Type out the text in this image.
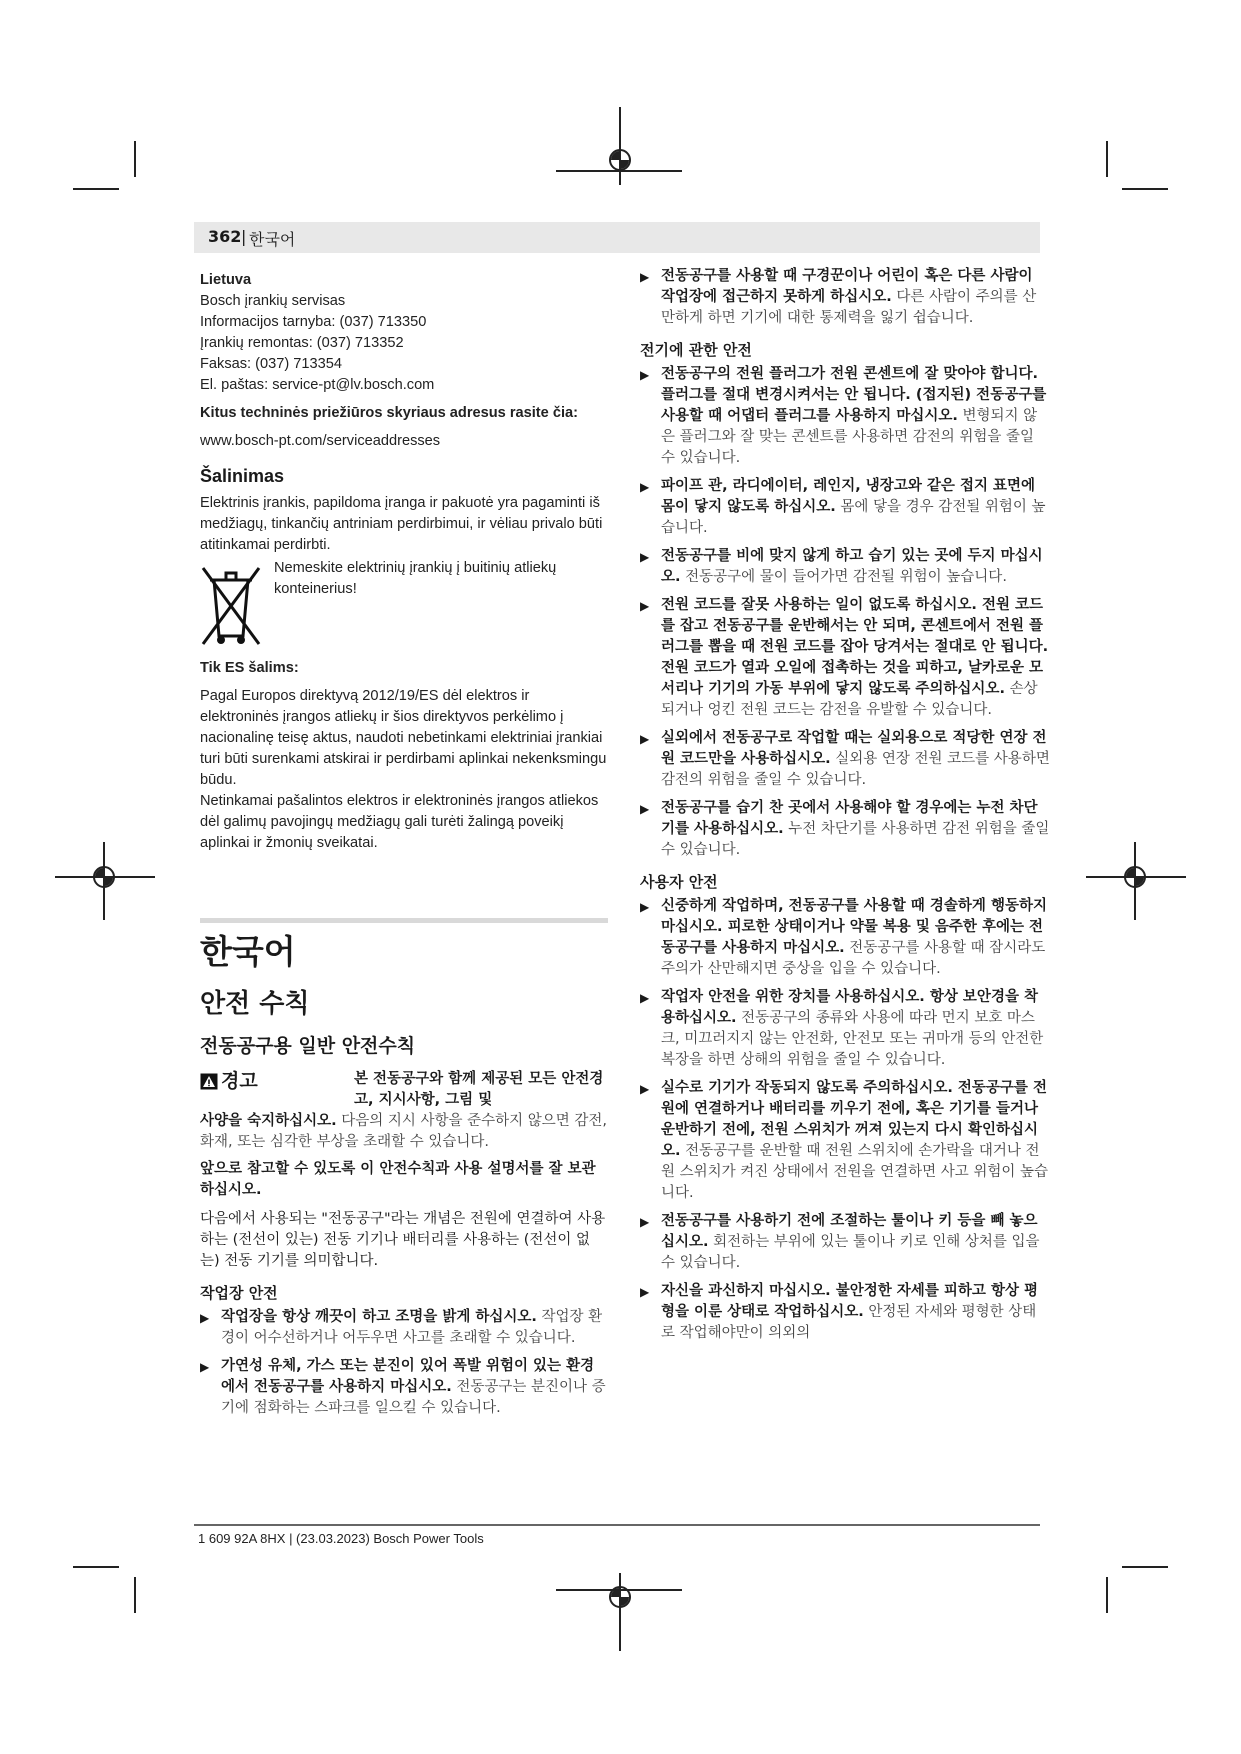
362 | 한국어
Lietuva
Bosch įrankių servisas
Informacijos tarnyba: (037) 713350
Įrankių remontas: (037) 713352
Faksas: (037) 713354
El. paštas: service-pt@lv.bosch.com
Kitus techninės priežiūros skyriaus adresus rasite čia:
www.bosch-pt.com/serviceaddresses
Šalinimas
Elektrinis įrankis, papildoma įranga ir pakuotė yra pagaminti iš medžiagų, tinkančių antriniam perdirbimui, ir vėliau privalo būti atitinkamai perdirbti.
Nemeskite elektrinių įrankių į buitinių atliekų konteinerius!
Tik ES šalims:
Pagal Europos direktyvą 2012/19/ES dėl elektros ir elektroninės įrangos atliekų ir šios direktyvos perkėlimo į nacionalinę teisę aktus, naudoti nebetinkami elektriniai įrankiai turi būti surenkami atskirai ir perdirbami aplinkai nekenksmingu būdu.
Netinkamai pašalintos elektros ir elektroninės įrangos atliekos dėl galimų pavojingų medžiagų gali turėti žalingą poveikį aplinkai ir žmonių sveikatai.
한국어
안전 수칙
전동공구용 일반 안전수칙
경고	본 전동공구와 함께 제공된 모든 안전경고, 지시사항, 그림 및
사양을 숙지하십시오. 다음의 지시 사항을 준수하지 않으면 감전, 화재, 또는 심각한 부상을 초래할 수 있습니다.
앞으로 참고할 수 있도록 이 안전수칙과 사용 설명서를 잘 보관하십시오.
다음에서 사용되는 "전동공구"라는 개념은 전원에 연결하여 사용하는 (전선이 있는) 전동 기기나 배터리를 사용하는 (전선이 없는) 전동 기기를 의미합니다.
작업장 안전
▶ 작업장을 항상 깨끗이 하고 조명을 밝게 하십시오. 작업장 환경이 어수선하거나 어두우면 사고를 초래할 수 있습니다.
▶ 가연성 유체, 가스 또는 분진이 있어 폭발 위험이 있는 환경에서 전동공구를 사용하지 마십시오. 전동공구는 분진이나 증기에 점화하는 스파크를 일으킬 수 있습니다.
▶ 전동공구를 사용할 때 구경꾼이나 어린이 혹은 다른 사람이 작업장에 접근하지 못하게 하십시오. 다른 사람이 주의를 산만하게 하면 기기에 대한 통제력을 잃기 쉽습니다.
전기에 관한 안전
▶ 전동공구의 전원 플러그가 전원 콘센트에 잘 맞아야 합니다. 플러그를 절대 변경시켜서는 안 됩니다. (접지된) 전동공구를 사용할 때 어댑터 플러그를 사용하지 마십시오. 변형되지 않은 플러그와 잘 맞는 콘센트를 사용하면 감전의 위험을 줄일 수 있습니다.
▶ 파이프 관, 라디에이터, 레인지, 냉장고와 같은 접지 표면에 몸이 닿지 않도록 하십시오. 몸에 닿을 경우 감전될 위험이 높습니다.
▶ 전동공구를 비에 맞지 않게 하고 습기 있는 곳에 두지 마십시오. 전동공구에 물이 들어가면 감전될 위험이 높습니다.
▶ 전원 코드를 잘못 사용하는 일이 없도록 하십시오. 전원 코드를 잡고 전동공구를 운반해서는 안 되며, 콘센트에서 전원 플러그를 뽑을 때 전원 코드를 잡아 당겨서는 절대로 안 됩니다. 전원 코드가 열과 오일에 접촉하는 것을 피하고, 날카로운 모서리나 기기의 가동 부위에 닿지 않도록 주의하십시오. 손상되거나 엉킨 전원 코드는 감전을 유발할 수 있습니다.
▶ 실외에서 전동공구로 작업할 때는 실외용으로 적당한 연장 전원 코드만을 사용하십시오. 실외용 연장 전원 코드를 사용하면 감전의 위험을 줄일 수 있습니다.
▶ 전동공구를 습기 찬 곳에서 사용해야 할 경우에는 누전 차단기를 사용하십시오. 누전 차단기를 사용하면 감전 위험을 줄일 수 있습니다.
사용자 안전
▶ 신중하게 작업하며, 전동공구를 사용할 때 경솔하게 행동하지 마십시오. 피로한 상태이거나 약물 복용 및 음주한 후에는 전동공구를 사용하지 마십시오. 전동공구를 사용할 때 잠시라도 주의가 산만해지면 중상을 입을 수 있습니다.
▶ 작업자 안전을 위한 장치를 사용하십시오. 항상 보안경을 착용하십시오. 전동공구의 종류와 사용에 따라 먼지 보호 마스크, 미끄러지지 않는 안전화, 안전모 또는 귀마개 등의 안전한 복장을 하면 상해의 위험을 줄일 수 있습니다.
▶ 실수로 기기가 작동되지 않도록 주의하십시오. 전동공구를 전원에 연결하거나 배터리를 끼우기 전에, 혹은 기기를 들거나 운반하기 전에, 전원 스위치가 꺼져 있는지 다시 확인하십시오. 전동공구를 운반할 때 전원 스위치에 손가락을 대거나 전원 스위치가 켜진 상태에서 전원을 연결하면 사고 위험이 높습니다.
▶ 전동공구를 사용하기 전에 조절하는 툴이나 키 등을 빼 놓으십시오. 회전하는 부위에 있는 툴이나 키로 인해 상처를 입을 수 있습니다.
▶ 자신을 과신하지 마십시오. 불안정한 자세를 피하고 항상 평형을 이룬 상태로 작업하십시오. 안정된 자세와 평형한 상태로 작업해야만이 의외의
1 609 92A 8HX | (23.03.2023) Bosch Power Tools
